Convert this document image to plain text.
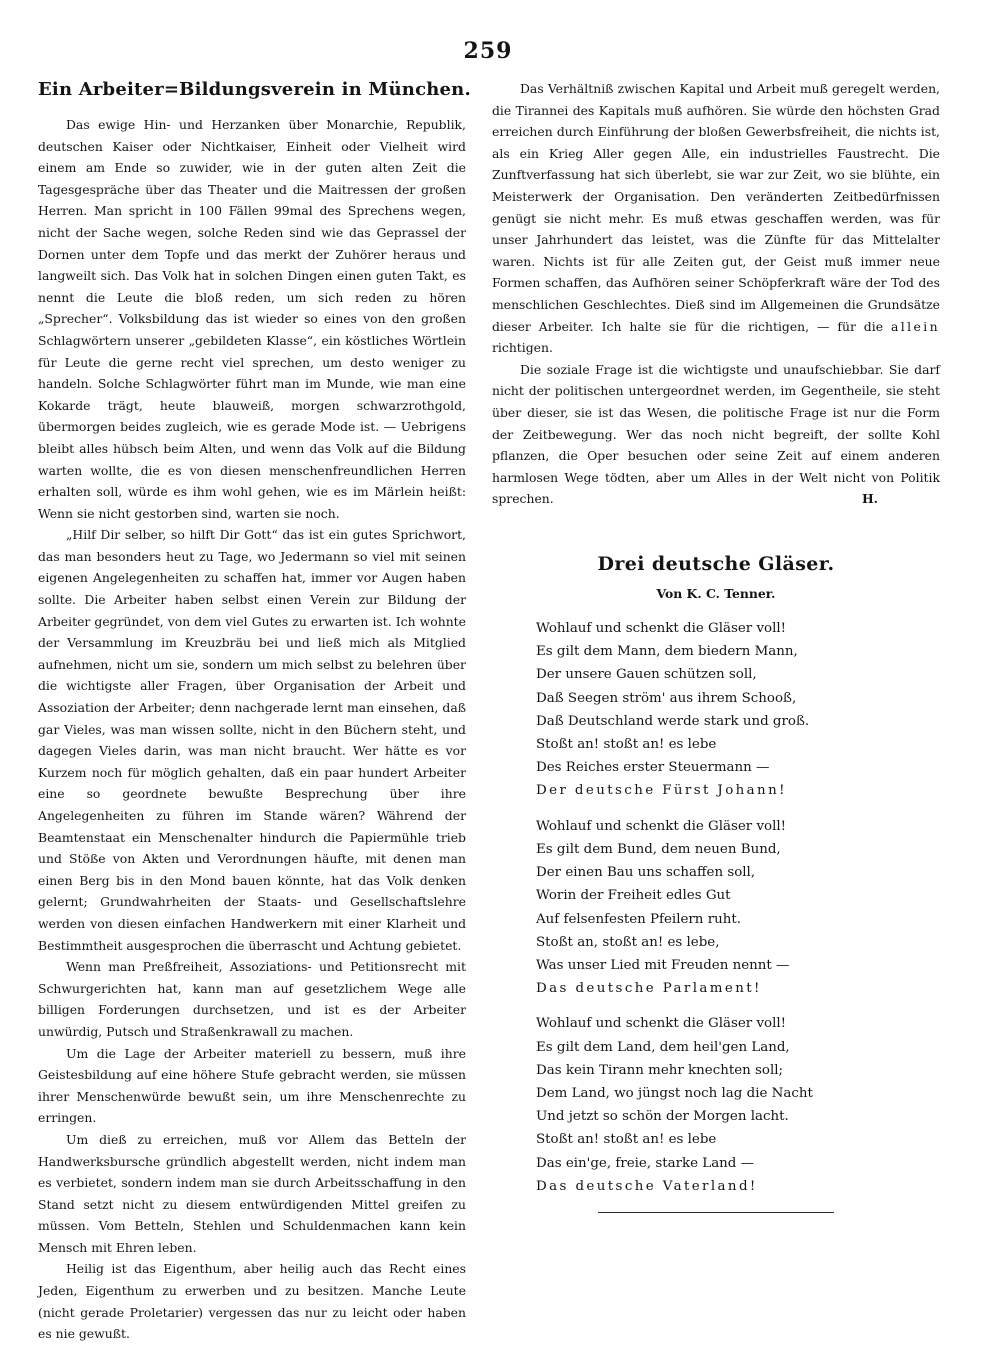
259
Ein Arbeiter=Bildungsverein in München.

Das ewige Hin- und Herzanken über Monarchie, Republik, deutschen Kaiser oder Nichtkaiser, Einheit oder Vielheit wird einem am Ende so zuwider, wie in der guten alten Zeit die Tagesgespräche über das Theater und die Maitressen der großen Herren. Man spricht in 100 Fällen 99mal des Sprechens wegen, nicht der Sache wegen, solche Reden sind wie das Geprassel der Dornen unter dem Topfe und das merkt der Zuhörer heraus und langweilt sich. Das Volk hat in solchen Dingen einen guten Takt, es nennt die Leute die bloß reden, um sich reden zu hören „Sprecher“. Volksbildung das ist wieder so eines von den großen Schlagwörtern unserer „gebildeten Klasse“, ein köstliches Wörtlein für Leute die gerne recht viel sprechen, um desto weniger zu handeln. Solche Schlagwörter führt man im Munde, wie man eine Kokarde trägt, heute blauweiß, morgen schwarzrothgold, übermorgen beides zugleich, wie es gerade Mode ist. — Uebrigens bleibt alles hübsch beim Alten, und wenn das Volk auf die Bildung warten wollte, die es von diesen menschenfreundlichen Herren erhalten soll, würde es ihm wohl gehen, wie es im Märlein heißt: Wenn sie nicht gestorben sind, warten sie noch.

„Hilf Dir selber, so hilft Dir Gott“ das ist ein gutes Sprichwort, das man besonders heut zu Tage, wo Jedermann so viel mit seinen eigenen Angelegenheiten zu schaffen hat, immer vor Augen haben sollte. Die Arbeiter haben selbst einen Verein zur Bildung der Arbeiter gegründet, von dem viel Gutes zu erwarten ist. Ich wohnte der Versammlung im Kreuzbräu bei und ließ mich als Mitglied aufnehmen, nicht um sie, sondern um mich selbst zu belehren über die wichtigste aller Fragen, über Organisation der Arbeit und Assoziation der Arbeiter; denn nachgerade lernt man einsehen, daß gar Vieles, was man wissen sollte, nicht in den Büchern steht, und dagegen Vieles darin, was man nicht braucht. Wer hätte es vor Kurzem noch für möglich gehalten, daß ein paar hundert Arbeiter eine so geordnete bewußte Besprechung über ihre Angelegenheiten zu führen im Stande wären? Während der Beamtenstaat ein Menschenalter hindurch die Papiermühle trieb und Stöße von Akten und Verordnungen häufte, mit denen man einen Berg bis in den Mond bauen könnte, hat das Volk denken gelernt; Grundwahrheiten der Staats- und Gesellschaftslehre werden von diesen einfachen Handwerkern mit einer Klarheit und Bestimmtheit ausgesprochen die überrascht und Achtung gebietet.

Wenn man Preßfreiheit, Assoziations- und Petitionsrecht mit Schwurgerichten hat, kann man auf gesetzlichem Wege alle billigen Forderungen durchsetzen, und ist es der Arbeiter unwürdig, Putsch und Straßenkrawall zu machen.

Um die Lage der Arbeiter materiell zu bessern, muß ihre Geistesbildung auf eine höhere Stufe gebracht werden, sie müssen ihrer Menschenwürde bewußt sein, um ihre Menschenrechte zu erringen.

Um dieß zu erreichen, muß vor Allem das Betteln der Handwerksbursche gründlich abgestellt werden, nicht indem man es verbietet, sondern indem man sie durch Arbeitsschaffung in den Stand setzt nicht zu diesem entwürdigenden Mittel greifen zu müssen. Vom Betteln, Stehlen und Schuldenmachen kann kein Mensch mit Ehren leben.

Heilig ist das Eigenthum, aber heilig auch das Recht eines Jeden, Eigenthum zu erwerben und zu besitzen. Manche Leute (nicht gerade Proletarier) vergessen das nur zu leicht oder haben es nie gewußt.

Das Verhältniß zwischen Kapital und Arbeit muß geregelt werden, die Tirannei des Kapitals muß aufhören. Sie würde den höchsten Grad erreichen durch Einführung der bloßen Gewerbsfreiheit, die nichts ist, als ein Krieg Aller gegen Alle, ein industrielles Faustrecht. Die Zunftverfassung hat sich überlebt, sie war zur Zeit, wo sie blühte, ein Meisterwerk der Organisation. Den veränderten Zeitbedürfnissen genügt sie nicht mehr. Es muß etwas geschaffen werden, was für unser Jahrhundert das leistet, was die Zünfte für das Mittelalter waren. Nichts ist für alle Zeiten gut, der Geist muß immer neue Formen schaffen, das Aufhören seiner Schöpferkraft wäre der Tod des menschlichen Geschlechtes. Dieß sind im Allgemeinen die Grundsätze dieser Arbeiter. Ich halte sie für die richtigen, — für die allein richtigen.

Die soziale Frage ist die wichtigste und unaufschiebbar. Sie darf nicht der politischen untergeordnet werden, im Gegentheile, sie steht über dieser, sie ist das Wesen, die politische Frage ist nur die Form der Zeitbewegung. Wer das noch nicht begreift, der sollte Kohl pflanzen, die Oper besuchen oder seine Zeit auf einem anderen harmlosen Wege tödten, aber um Alles in der Welt nicht von Politik sprechen.	H.

Drei deutsche Gläser.
Von K. C. Tenner.
Wohlauf und schenkt die Gläser voll!
Es gilt dem Mann, dem biedern Mann,
Der unsere Gauen schützen soll,
Daß Seegen ström' aus ihrem Schooß,
Daß Deutschland werde stark und groß.
Stoßt an! stoßt an! es lebe
Des Reiches erster Steuermann —
Der deutsche Fürst Johann!
Wohlauf und schenkt die Gläser voll!
Es gilt dem Bund, dem neuen Bund,
Der einen Bau uns schaffen soll,
Worin der Freiheit edles Gut
Auf felsenfesten Pfeilern ruht.
Stoßt an, stoßt an! es lebe,
Was unser Lied mit Freuden nennt —
Das deutsche Parlament!
Wohlauf und schenkt die Gläser voll!
Es gilt dem Land, dem heil'gen Land,
Das kein Tirann mehr knechten soll;
Dem Land, wo jüngst noch lag die Nacht
Und jetzt so schön der Morgen lacht.
Stoßt an! stoßt an! es lebe
Das ein'ge, freie, starke Land —
Das deutsche Vaterland!
